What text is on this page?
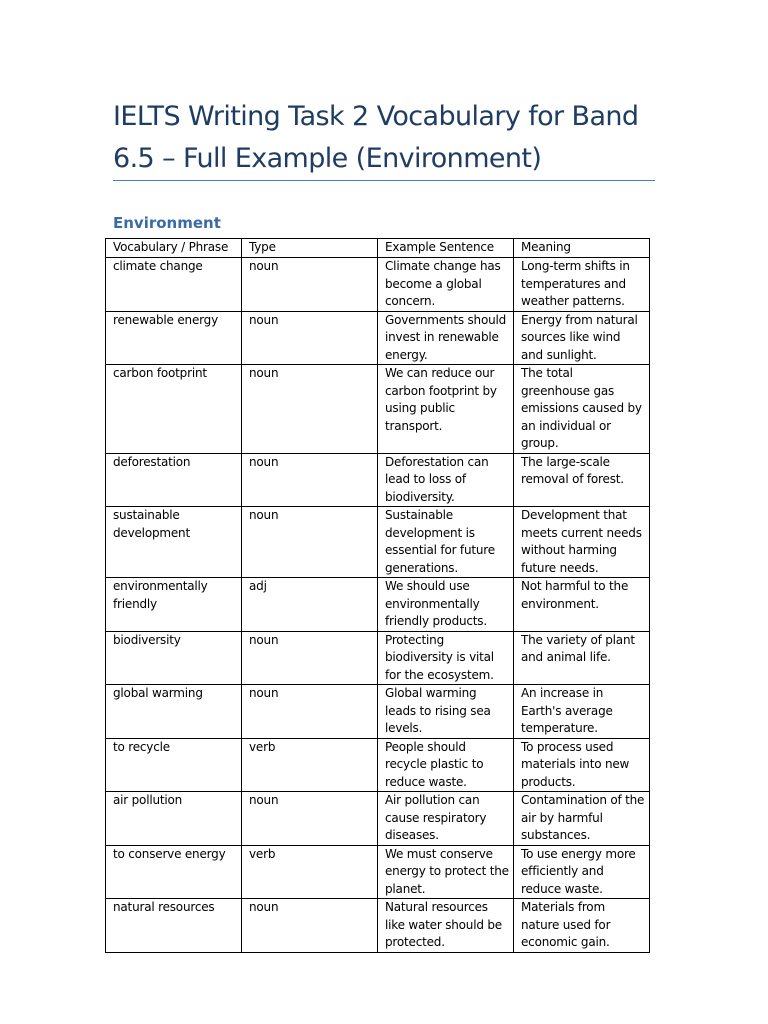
IELTS Writing Task 2 Vocabulary for Band 6.5 – Full Example (Environment)
Environment
Vocabulary / Phrase	Type	Example Sentence	Meaning
climate change	noun	Climate change has become a global concern.	Long-term shifts in temperatures and weather patterns.
renewable energy	noun	Governments should invest in renewable energy.	Energy from natural sources like wind and sunlight.
carbon footprint	noun	We can reduce our carbon footprint by using public transport.	The total greenhouse gas emissions caused by an individual or group.
deforestation	noun	Deforestation can lead to loss of biodiversity.	The large-scale removal of forest.
sustainable development	noun	Sustainable development is essential for future generations.	Development that meets current needs without harming future needs.
environmentally friendly	adj	We should use environmentally friendly products.	Not harmful to the environment.
biodiversity	noun	Protecting biodiversity is vital for the ecosystem.	The variety of plant and animal life.
global warming	noun	Global warming leads to rising sea levels.	An increase in Earth's average temperature.
to recycle	verb	People should recycle plastic to reduce waste.	To process used materials into new products.
air pollution	noun	Air pollution can cause respiratory diseases.	Contamination of the air by harmful substances.
to conserve energy	verb	We must conserve energy to protect the planet.	To use energy more efficiently and reduce waste.
natural resources	noun	Natural resources like water should be protected.	Materials from nature used for economic gain.
